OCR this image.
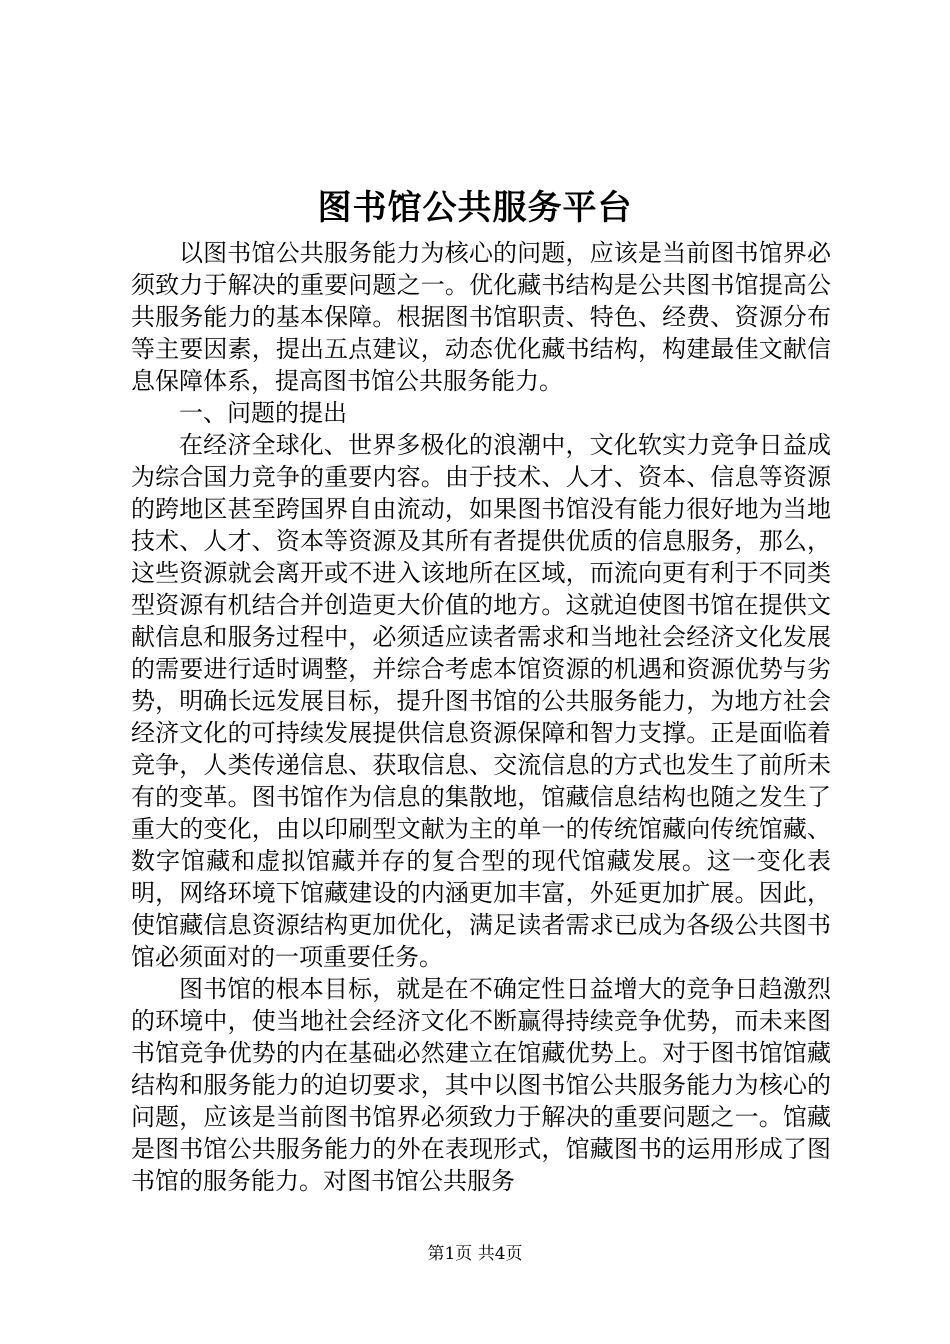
图书馆公共服务平台

以图书馆公共服务能力为核心的问题，应该是当前图书馆界必须致力于解决的重要问题之一。优化藏书结构是公共图书馆提高公共服务能力的基本保障。根据图书馆职责、特色、经费、资源分布等主要因素，提出五点建议，动态优化藏书结构，构建最佳文献信息保障体系，提高图书馆公共服务能力。

一、问题的提出

在经济全球化、世界多极化的浪潮中，文化软实力竞争日益成为综合国力竞争的重要内容。由于技术、人才、资本、信息等资源的跨地区甚至跨国界自由流动，如果图书馆没有能力很好地为当地技术、人才、资本等资源及其所有者提供优质的信息服务，那么，这些资源就会离开或不进入该地所在区域，而流向更有利于不同类型资源有机结合并创造更大价值的地方。这就迫使图书馆在提供文献信息和服务过程中，必须适应读者需求和当地社会经济文化发展的需要进行适时调整，并综合考虑本馆资源的机遇和资源优势与劣势，明确长远发展目标，提升图书馆的公共服务能力，为地方社会经济文化的可持续发展提供信息资源保障和智力支撑。正是面临着竞争，人类传递信息、获取信息、交流信息的方式也发生了前所未有的变革。图书馆作为信息的集散地，馆藏信息结构也随之发生了重大的变化，由以印刷型文献为主的单一的传统馆藏向传统馆藏、数字馆藏和虚拟馆藏并存的复合型的现代馆藏发展。这一变化表明，网络环境下馆藏建设的内涵更加丰富，外延更加扩展。因此，使馆藏信息资源结构更加优化，满足读者需求已成为各级公共图书馆必须面对的一项重要任务。

图书馆的根本目标，就是在不确定性日益增大的竞争日趋激烈的环境中，使当地社会经济文化不断赢得持续竞争优势，而未来图书馆竞争优势的内在基础必然建立在馆藏优势上。对于图书馆馆藏结构和服务能力的迫切要求，其中以图书馆公共服务能力为核心的问题，应该是当前图书馆界必须致力于解决的重要问题之一。馆藏是图书馆公共服务能力的外在表现形式，馆藏图书的运用形成了图书馆的服务能力。对图书馆公共服务

第1页 共4页
